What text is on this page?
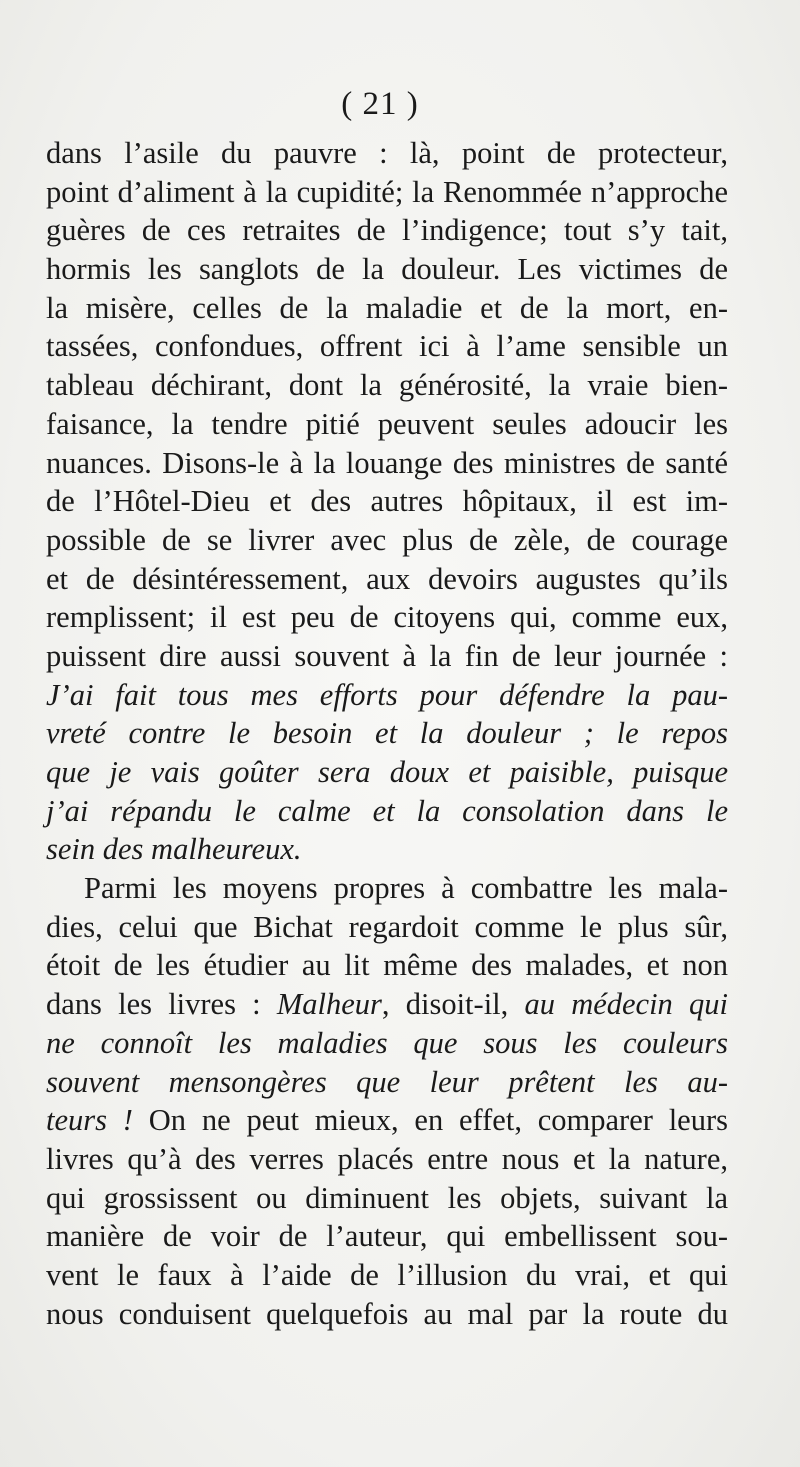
( 21 )
dans l’asile du pauvre : là, point de protecteur,
point d’aliment à la cupidité; la Renommée n’approche
guères de ces retraites de l’indigence; tout s’y tait,
hormis les sanglots de la douleur. Les victimes de
la misère, celles de la maladie et de la mort, en-
tassées, confondues, offrent ici à l’ame sensible un
tableau déchirant, dont la générosité, la vraie bien-
faisance, la tendre pitié peuvent seules adoucir les
nuances. Disons-le à la louange des ministres de santé
de l’Hôtel-Dieu et des autres hôpitaux, il est im-
possible de se livrer avec plus de zèle, de courage
et de désintéressement, aux devoirs augustes qu’ils
remplissent; il est peu de citoyens qui, comme eux,
puissent dire aussi souvent à la fin de leur journée :
J’ai fait tous mes efforts pour défendre la pau-
vreté contre le besoin et la douleur ; le repos
que je vais goûter sera doux et paisible, puisque
j’ai répandu le calme et la consolation dans le
sein des malheureux.
Parmi les moyens propres à combattre les mala-
dies, celui que Bichat regardoit comme le plus sûr,
étoit de les étudier au lit même des malades, et non
dans les livres : Malheur, disoit-il, au médecin qui
ne connoît les maladies que sous les couleurs
souvent mensongères que leur prêtent les au-
teurs ! On ne peut mieux, en effet, comparer leurs
livres qu’à des verres placés entre nous et la nature,
qui grossissent ou diminuent les objets, suivant la
manière de voir de l’auteur, qui embellissent sou-
vent le faux à l’aide de l’illusion du vrai, et qui
nous conduisent quelquefois au mal par la route du
